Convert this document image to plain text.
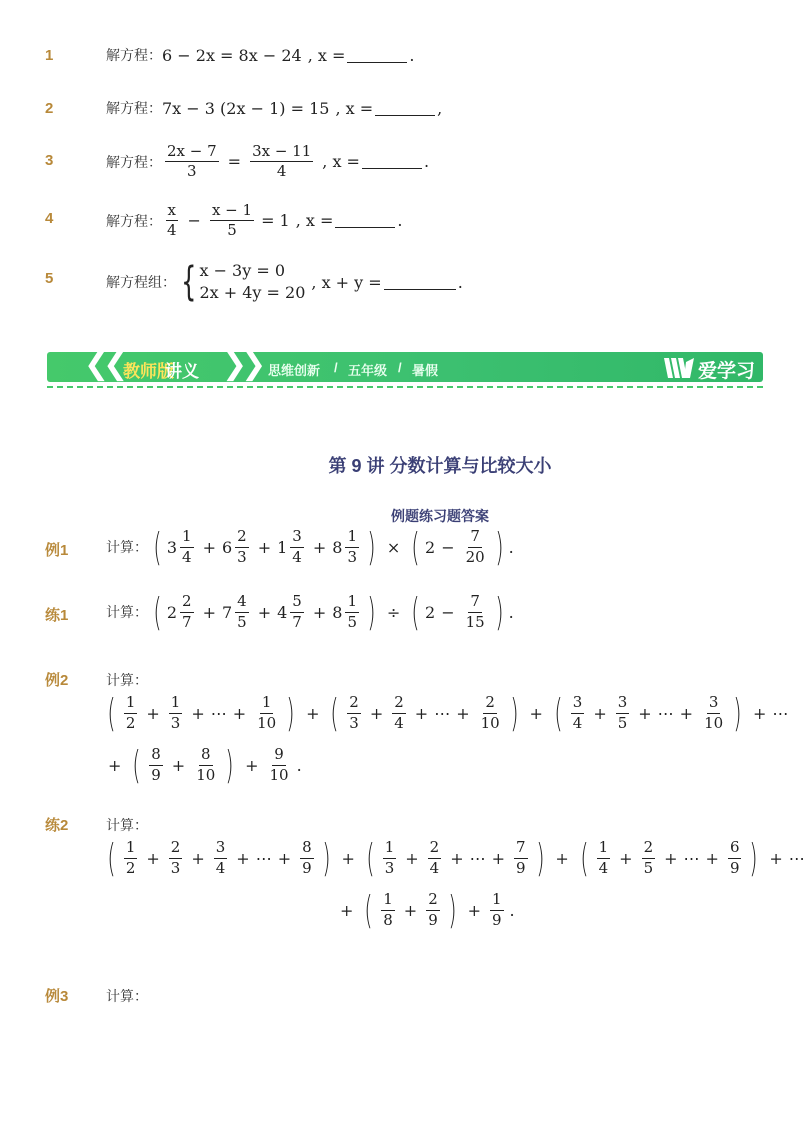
1	解方程： 6 − 2x = 8x − 24 , x =	.
2	解方程： 7x − 3 (2x − 1) = 15 , x =	,
3	解方程： $\frac{2x - 7}{3} = \frac{3x - 11}{4}$ , x =	.
4	解方程： $\frac{x}{4} - \frac{x - 1}{5} = 1$ , x =	.
5	解方程组： { x − 3y = 0
2x + 4y = 20
, x + y =	.
❮❮ 教师版
讲义 ❯❯ 思维创新 / 五年级 / 暑假	爱学习
第 9 讲 分数计算与比较大小
例题练习题答案
例1	计算： ( $3 \frac{1}{4} + 6 \frac{2}{3} + 1 \frac{3}{4} + 8 \frac{1}{3}$ ) × ( $2 - \frac{7}{20}$ ) .
练1	计算： ( $2 \frac{2}{7} + 7 \frac{4}{5} + 4 \frac{5}{7} + 8 \frac{1}{5}$ ) ÷ ( $2 - \frac{7}{15}$ ) .
例2	计算：
( $\frac{1}{2} + \frac{1}{3}$ + ⋯ + $\frac{1}{10}$ ) + ( $\frac{2}{3} + \frac{2}{4}$ + ⋯ + $\frac{2}{10}$ ) + ( $\frac{3}{4} + \frac{3}{5}$ + ⋯ + $\frac{3}{10}$ ) + ⋯
+ ( $\frac{8}{9} + \frac{8}{10}$ ) + $\frac{9}{10}$ .
练2	计算：
( $\frac{1}{2} + \frac{2}{3} + \frac{3}{4}$ + ⋯ + $\frac{8}{9}$ ) + ( $\frac{1}{3} + \frac{2}{4}$ + ⋯ + $\frac{7}{9}$ ) + ( $\frac{1}{4} + \frac{2}{5}$ + ⋯ + $\frac{6}{9}$ ) + ⋯
+ ( $\frac{1}{8} + \frac{2}{9}$ ) + $\frac{1}{9}$ .
例3	计算：
